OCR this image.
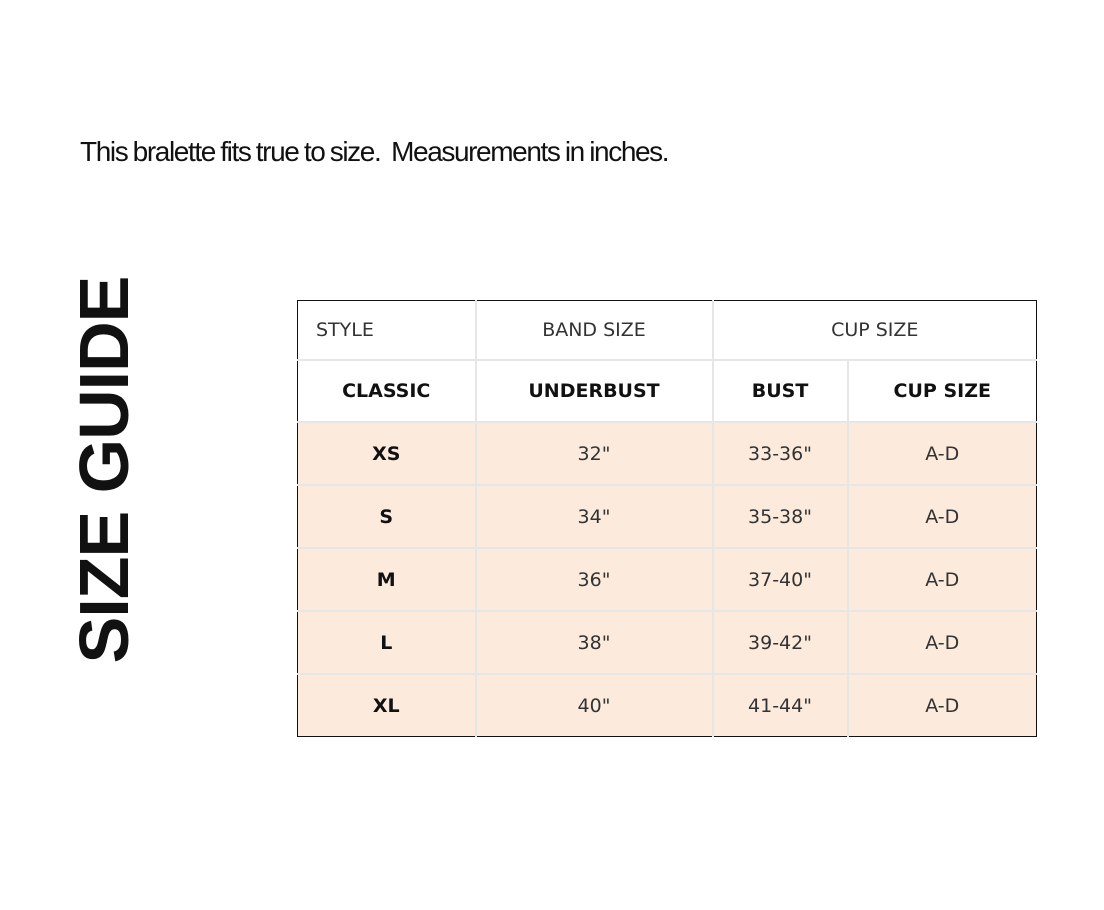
This bralette fits true to size.  Measurements in inches.
SIZE GUIDE	STYLE	BAND SIZE	CUP SIZE	
CLASSIC	UNDERBUST	BUST	CUP SIZE
XS	32"	33-36"	A-D
S	34"	35-38"	A-D
M	36"	37-40"	A-D
L	38"	39-42"	A-D
XL	40"	41-44"	A-D
